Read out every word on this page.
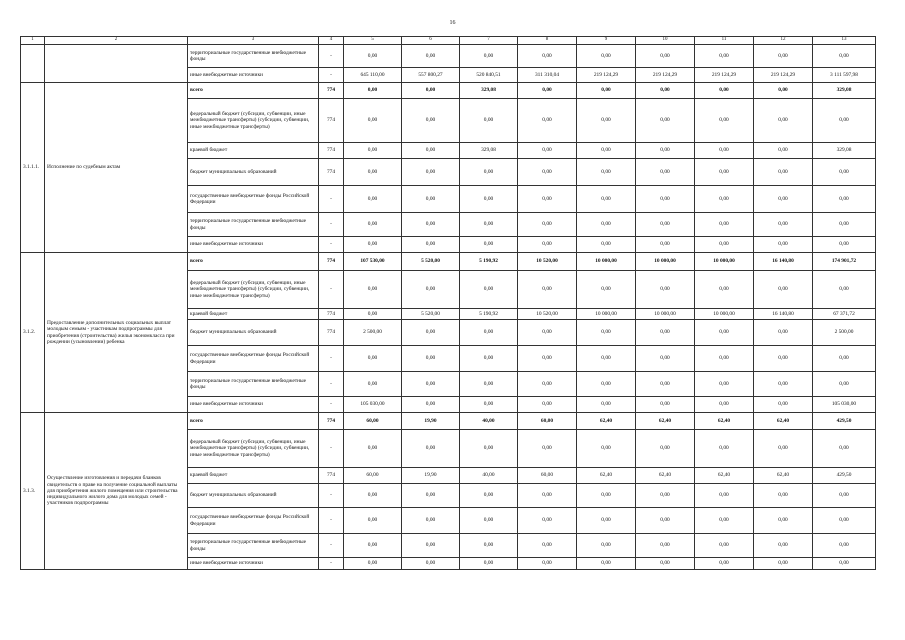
16
1	2	3	4	5	6	7	8	9	10	11	12	13
		территориальные государственные внебюджетные фонды	-	0,00	0,00	0,00	0,00	0,00	0,00	0,00	0,00	0,00
		иные внебюджетные источники	-	645 110,00	557 800,27	520 840,51	311 310,04	219 124,29	219 124,29	219 124,29	219 124,29	3 111 597,98
3.1.1.1.	Исполнение по судебным актам	всего	774	0,00	0,00	329,08	0,00	0,00	0,00	0,00	0,00	329,08
		федеральный бюджет (субсидии, субвенции, иные межбюджетные трансферты) (субсидии, субвенции, иные межбюджетные трансферты)	774	0,00	0,00	0,00	0,00	0,00	0,00	0,00	0,00	0,00
		краевой бюджет	774	0,00	0,00	329,08	0,00	0,00	0,00	0,00	0,00	329,08
		бюджет муниципальных образований	774	0,00	0,00	0,00	0,00	0,00	0,00	0,00	0,00	0,00
		государственные внебюджетные фонды Российской Федерации	-	0,00	0,00	0,00	0,00	0,00	0,00	0,00	0,00	0,00
		территориальные государственные внебюджетные фонды	-	0,00	0,00	0,00	0,00	0,00	0,00	0,00	0,00	0,00
		иные внебюджетные источники	-	0,00	0,00	0,00	0,00	0,00	0,00	0,00	0,00	0,00
3.1.2.	Предоставление дополнительных социальных выплат молодым семьям - участникам подпрограммы для приобретения (строительства) жилья экономкласса при рождении (усыновлении) ребенка	всего	774	107 530,00	5 520,00	5 190,92	10 520,00	10 000,00	10 000,00	10 000,00	16 140,80	174 901,72
		федеральный бюджет (субсидии, субвенции, иные межбюджетные трансферты) (субсидии, субвенции, иные межбюджетные трансферты)	-	0,00	0,00	0,00	0,00	0,00	0,00	0,00	0,00	0,00
		краевой бюджет	774	0,00	5 520,00	5 190,92	10 520,00	10 000,00	10 000,00	10 000,00	16 140,80	67 371,72
		бюджет муниципальных образований	774	2 500,00	0,00	0,00	0,00	0,00	0,00	0,00	0,00	2 500,00
		государственные внебюджетные фонды Российской Федерации	-	0,00	0,00	0,00	0,00	0,00	0,00	0,00	0,00	0,00
		территориальные государственные внебюджетные фонды	-	0,00	0,00	0,00	0,00	0,00	0,00	0,00	0,00	0,00
		иные внебюджетные источники	-	105 030,00	0,00	0,00	0,00	0,00	0,00	0,00	0,00	105 030,00
3.1.3.	Осуществление изготовления и передачи бланков свидетельств о праве на получение социальной выплаты для приобретения жилого помещения или строительства индивидуального жилого дома для молодых семей - участников подпрограммы	всего	774	60,00	19,90	40,00	60,00	62,40	62,40	62,40	62,40	429,50
		федеральный бюджет (субсидии, субвенции, иные межбюджетные трансферты) (субсидии, субвенции, иные межбюджетные трансферты)	-	0,00	0,00	0,00	0,00	0,00	0,00	0,00	0,00	0,00
		краевой бюджет	774	60,00	19,90	40,00	60,00	62,40	62,40	62,40	62,40	429,50
		бюджет муниципальных образований	-	0,00	0,00	0,00	0,00	0,00	0,00	0,00	0,00	0,00
		государственные внебюджетные фонды Российской Федерации	-	0,00	0,00	0,00	0,00	0,00	0,00	0,00	0,00	0,00
		территориальные государственные внебюджетные фонды	-	0,00	0,00	0,00	0,00	0,00	0,00	0,00	0,00	0,00
		иные внебюджетные источники	-	0,00	0,00	0,00	0,00	0,00	0,00	0,00	0,00	0,00
